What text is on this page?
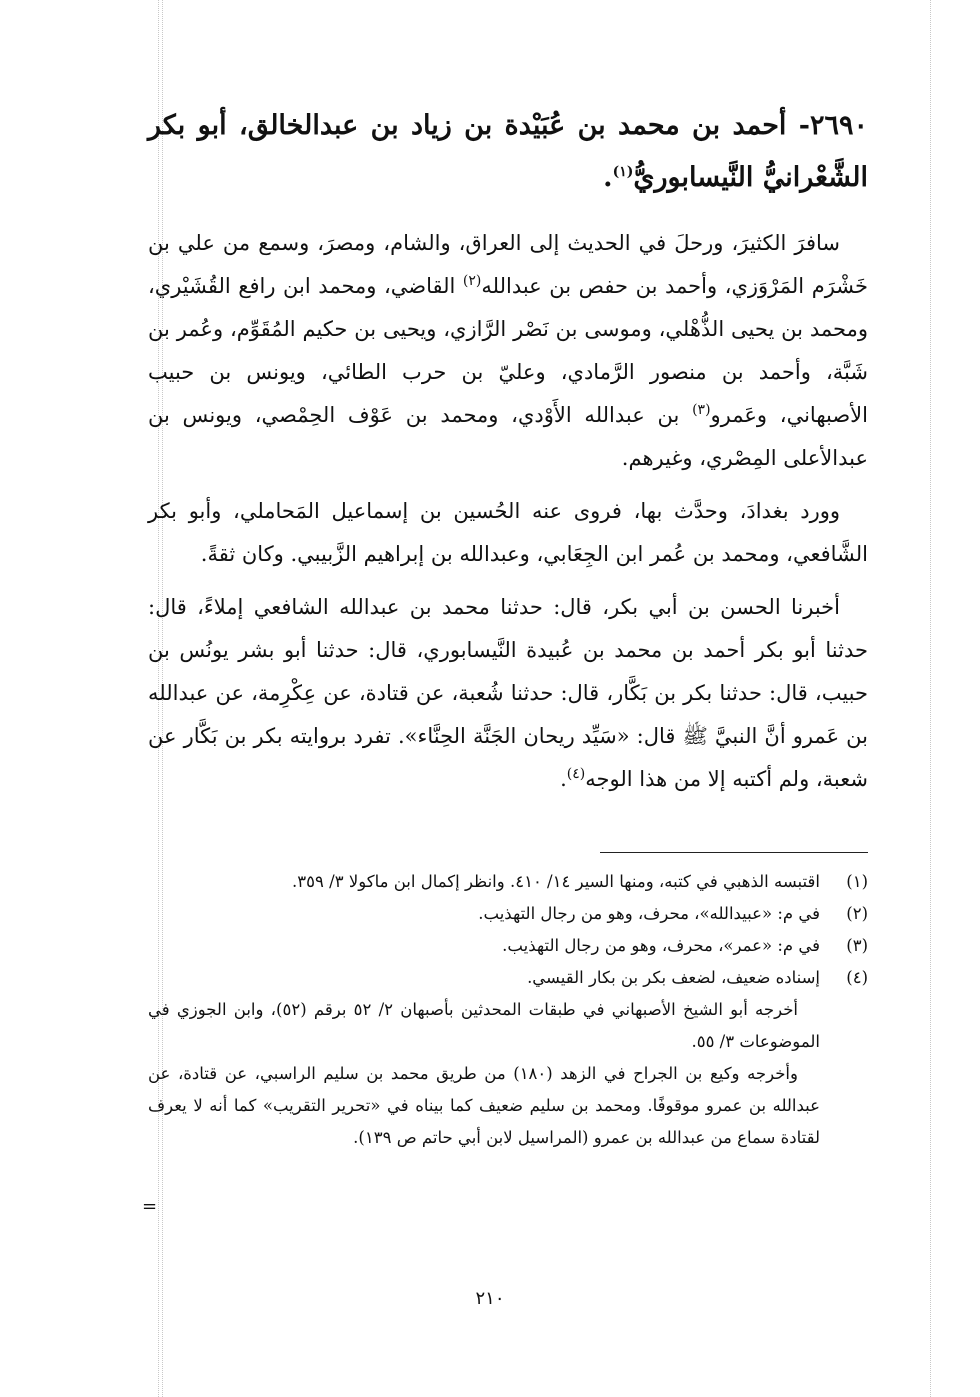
٢٦٩٠- أحمد بن محمد بن عُبَيْدة بن زياد بن عبدالخالق، أبو بكر الشَّعْرانيُّ النَّيسابوريُّ$^{(١)}$.

سافرَ الكثيرَ، ورحلَ في الحديث إلى العراق، والشام، ومصرَ، وسمع من علي بن خَشْرَم المَرْوَزي، وأحمد بن حفص بن عبدالله$^{(٢)}$ القاضي، ومحمد ابن رافع القُشَيْري، ومحمد بن يحيى الذُّهْلي، وموسى بن نَصْر الرَّازي، ويحيى بن حكيم المُقَوِّم، وعُمر بن شَبَّة، وأحمد بن منصور الرَّمادي، وعليّ بن حرب الطائي، ويونس بن حبيب الأصبهاني، وعَمرو$^{(٣)}$ بن عبدالله الأَوْدي، ومحمد بن عَوْف الحِمْصي، ويونس بن عبدالأعلى المِصْري، وغيرهم.

وورد بغدادَ، وحدَّث بها، فروى عنه الحُسين بن إسماعيل المَحاملي، وأبو بكر الشَّافعي، ومحمد بن عُمر ابن الجِعَابي، وعبدالله بن إبراهيم الزَّبيبي. وكان ثقةً.

أخبرنا الحسن بن أبي بكر، قال: حدثنا محمد بن عبدالله الشافعي إملاءً، قال: حدثنا أبو بكر أحمد بن محمد بن عُبيدة النَّيسابوري، قال: حدثنا أبو بشر يونُس بن حبيب، قال: حدثنا بكر بن بَكَّار، قال: حدثنا شُعبة، عن قتادة، عن عِكْرِمة، عن عبدالله بن عَمرو أنَّ النبيَّ ﷺ قال: «سَيِّد ريحان الجَنَّة الحِنَّاء». تفرد بروايته بكر بن بَكَّار عن شعبة، ولم أكتبه إلا من هذا الوجه$^{(٤)}$.

(١)
اقتبسه الذهبي في كتبه، ومنها السير ١٤/ ٤١٠. وانظر إكمال ابن ماكولا ٣/ ٣٥٩.
(٢)
في م: «عبيدالله»، محرف، وهو من رجال التهذيب.
(٣)
في م: «عمر»، محرف، وهو من رجال التهذيب.
(٤)
إسناده ضعيف، لضعف بكر بن بكار القيسي.

أخرجه أبو الشيخ الأصبهاني في طبقات المحدثين بأصبهان ٢/ ٥٢ برقم (٥٢)، وابن الجوزي في الموضوعات ٣/ ٥٥.

وأخرجه وكيع بن الجراح في الزهد (١٨٠) من طريق محمد بن سليم الراسبي، عن قتادة، عن عبدالله بن عمرو موقوفًا. ومحمد بن سليم ضعيف كما بيناه في «تحرير التقريب» كما أنه لا يعرف لقتادة سماع من عبدالله بن عمرو (المراسيل لابن أبي حاتم ص ١٣٩).

=
٢١٠
